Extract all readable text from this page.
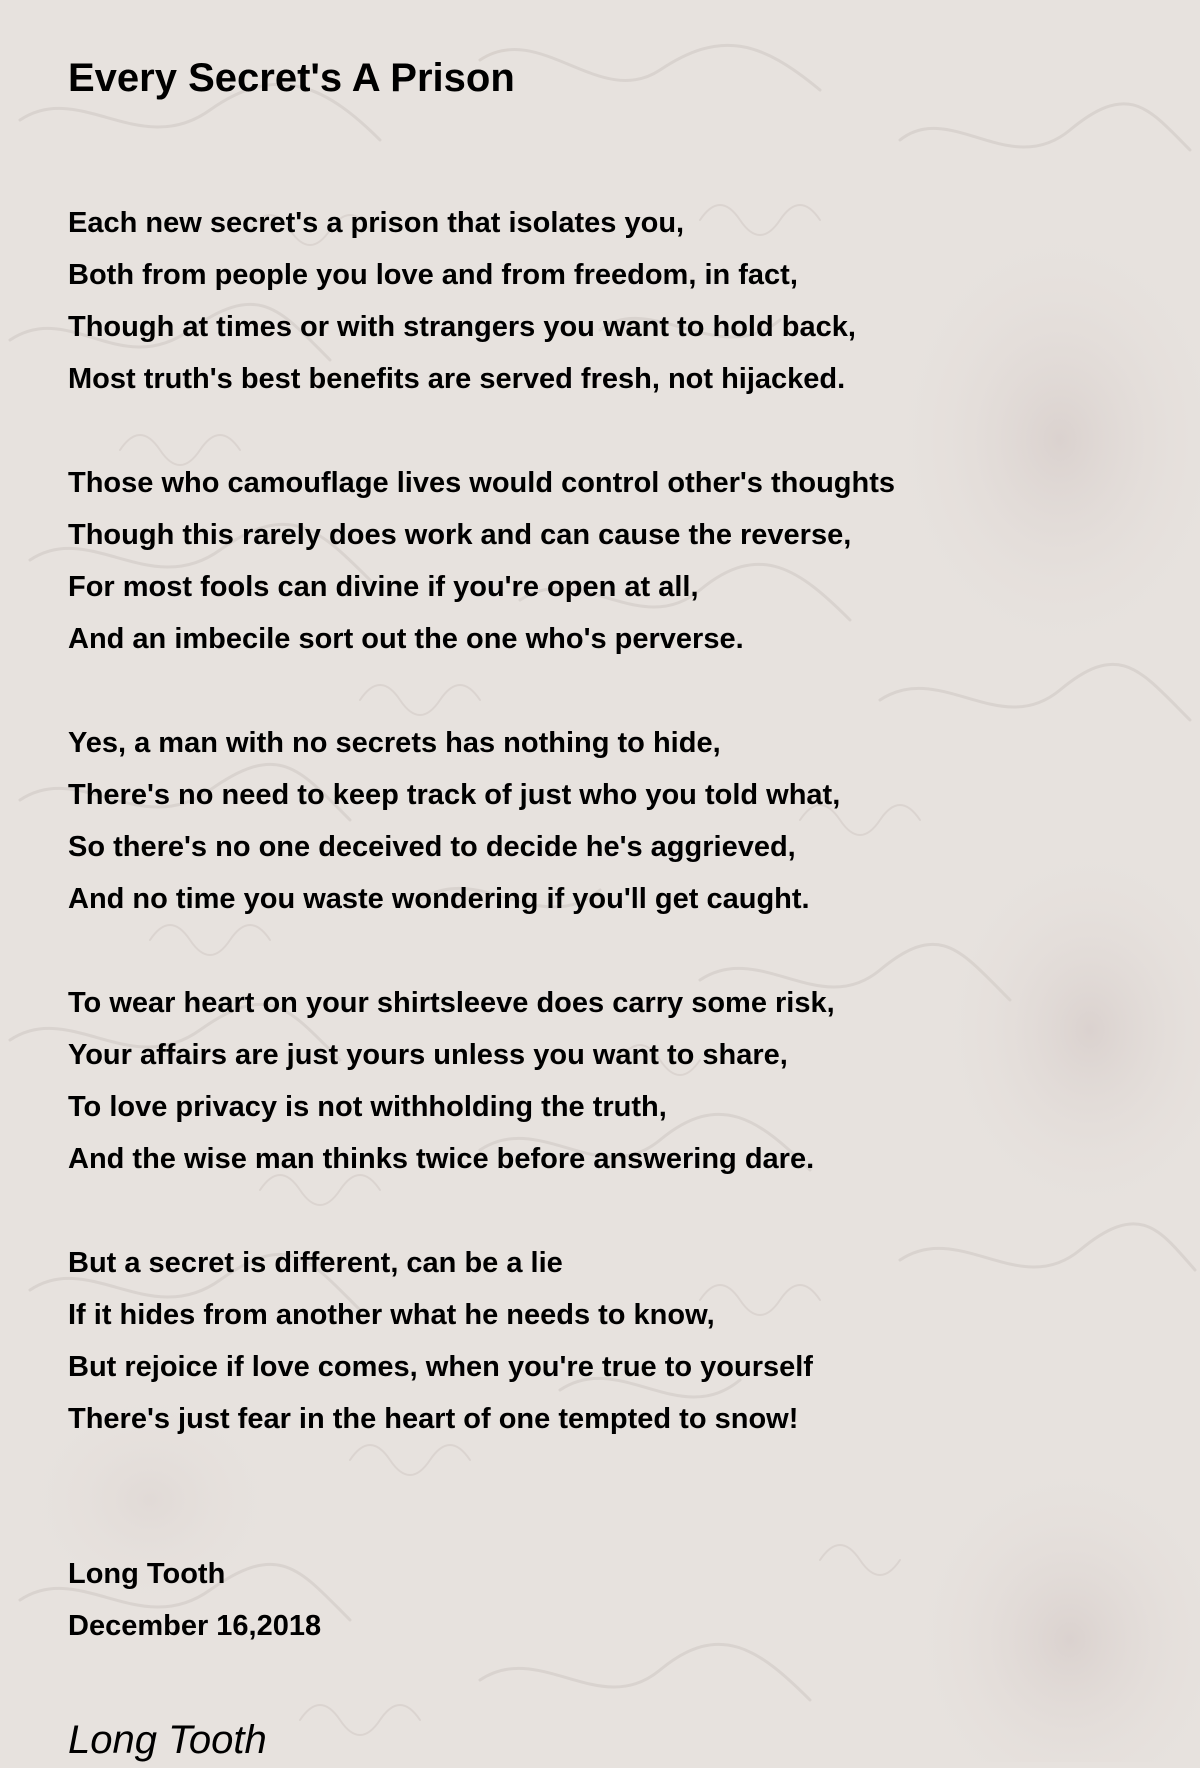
Every Secret's A Prison
Each new secret's a prison that isolates you,
Both from people you love and from freedom, in fact,
Though at times or with strangers you want to hold back,
Most truth's best benefits are served fresh, not hijacked.
Those who camouflage lives would control other's thoughts
Though this rarely does work and can cause the reverse,
For most fools can divine if you're open at all,
And an imbecile sort out the one who's perverse.
Yes, a man with no secrets has nothing to hide,
There's no need to keep track of just who you told what,
So there's no one deceived to decide he's aggrieved,
And no time you waste wondering if you'll get caught.
To wear heart on your shirtsleeve does carry some risk,
Your affairs are just yours unless you want to share,
To love privacy is not withholding the truth,
And the wise man thinks twice before answering dare.
But a secret is different, can be a lie
If it hides from another what he needs to know,
But rejoice if love comes, when you're true to yourself
There's just fear in the heart of one tempted to snow!
Long Tooth
December 16,2018
Long Tooth
